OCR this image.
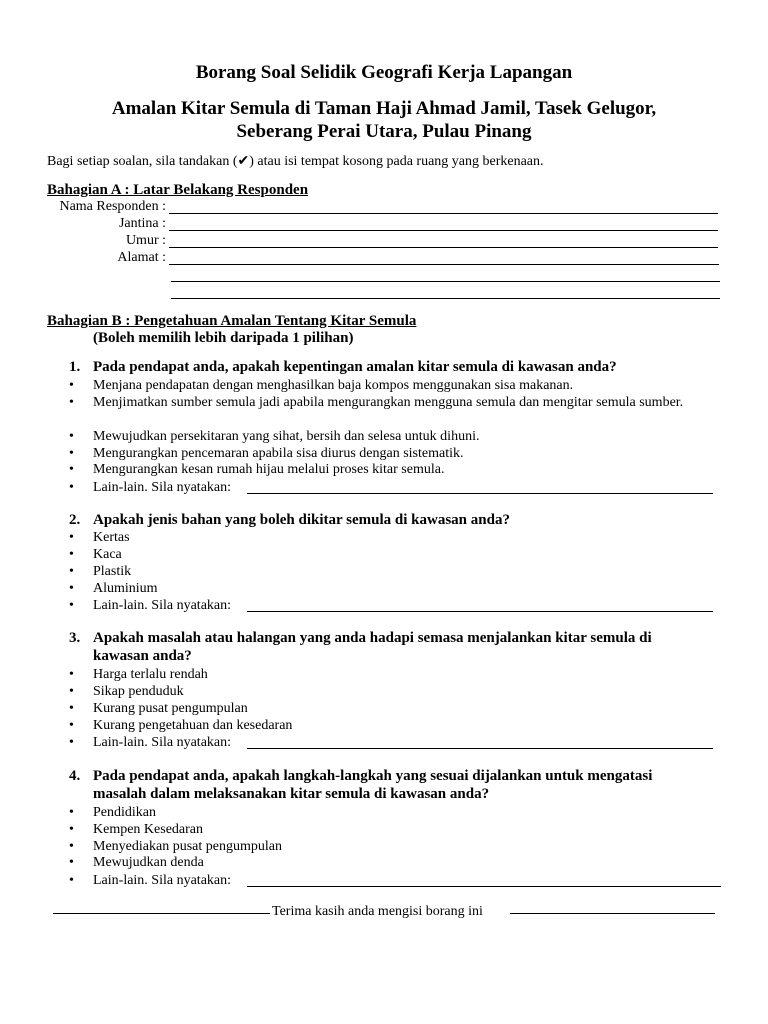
Borang Soal Selidik Geografi Kerja Lapangan
Amalan Kitar Semula di Taman Haji Ahmad Jamil, Tasek Gelugor,
Seberang Perai Utara, Pulau Pinang
Bagi setiap soalan, sila tandakan (✔) atau isi tempat kosong pada ruang yang berkenaan.
Bahagian A : Latar Belakang Responden
Nama Responden :
Jantina :
Umur :
Alamat :
Bahagian B : Pengetahuan Amalan Tentang Kitar Semula
(Boleh memilih lebih daripada 1 pilihan)
1. Pada pendapat anda, apakah kepentingan amalan kitar semula di kawasan anda?
•	Menjana pendapatan dengan menghasilkan baja kompos menggunakan sisa makanan.
•	Menjimatkan sumber semula jadi apabila mengurangkan mengguna semula dan mengitar semula sumber.
•	Mewujudkan persekitaran yang sihat, bersih dan selesa untuk dihuni.
•	Mengurangkan pencemaran apabila sisa diurus dengan sistematik.
•	Mengurangkan kesan rumah hijau melalui proses kitar semula.
•	Lain-lain. Sila nyatakan:
2. Apakah jenis bahan yang boleh dikitar semula di kawasan anda?
•	Kertas
•	Kaca
•	Plastik
•	Aluminium
•	Lain-lain. Sila nyatakan:
3. Apakah masalah atau halangan yang anda hadapi semasa menjalankan kitar semula di
kawasan anda?
•	Harga terlalu rendah
•	Sikap penduduk
•	Kurang pusat pengumpulan
•	Kurang pengetahuan dan kesedaran
•	Lain-lain. Sila nyatakan:
4. Pada pendapat anda, apakah langkah-langkah yang sesuai dijalankan untuk mengatasi
masalah dalam melaksanakan kitar semula di kawasan anda?
•	Pendidikan
•	Kempen Kesedaran
•	Menyediakan pusat pengumpulan
•	Mewujudkan denda
•	Lain-lain. Sila nyatakan:
Terima kasih anda mengisi borang ini
